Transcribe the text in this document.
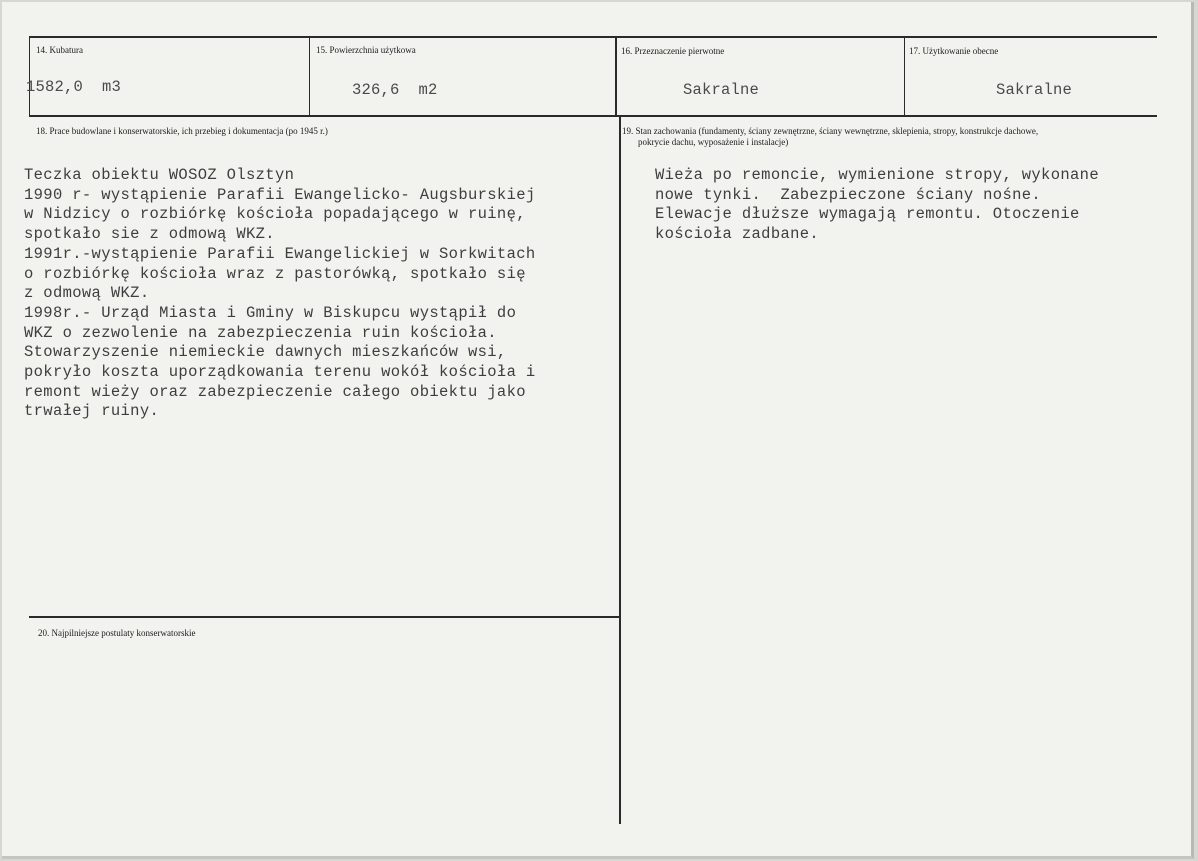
14. Kubatura	15. Powierzchnia użytkowa	16. Przeznaczenie pierwotne	17. Użytkowanie obecne
1582,0  m3	326,6  m2	Sakralne	Sakralne
18. Prace budowlane i konserwatorskie, ich przebieg i dokumentacja (po 1945 r.)	19. Stan zachowania (fundamenty, ściany zewnętrzne, ściany wewnętrzne, sklepienia, stropy, konstrukcje dachowe,
pokrycie dachu, wyposażenie i instalacje)
Teczka obiektu WOSOZ Olsztyn
1990 r- wystąpienie Parafii Ewangelicko- Augsburskiej
w Nidzicy o rozbiórkę kościoła popadającego w ruinę,
spotkało sie z odmową WKZ.
1991r.-wystąpienie Parafii Ewangelickiej w Sorkwitach
o rozbiórkę kościoła wraz z pastorówką, spotkało się
z odmową WKZ.
1998r.- Urząd Miasta i Gminy w Biskupcu wystąpił do
WKZ o zezwolenie na zabezpieczenia ruin kościoła.
Stowarzyszenie niemieckie dawnych mieszkańców wsi,
pokryło koszta uporządkowania terenu wokół kościoła i
remont wieży oraz zabezpieczenie całego obiektu jako
trwałej ruiny.
Wieża po remoncie, wymienione stropy, wykonane
nowe tynki.  Zabezpieczone ściany nośne.
Elewacje dłuższe wymagają remontu. Otoczenie
kościoła zadbane.
20. Najpilniejsze postulaty konserwatorskie
